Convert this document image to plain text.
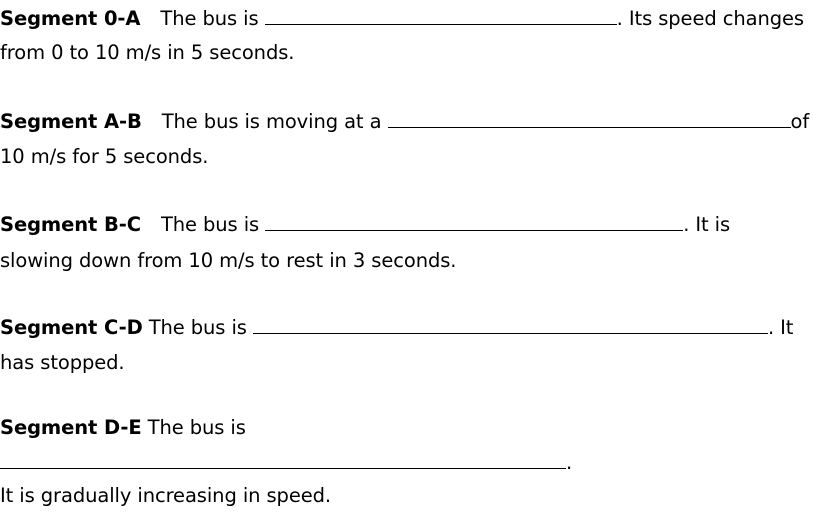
Segment 0-A The bus is	. Its speed changes
from 0 to 10 m/s in 5 seconds.
Segment A-B The bus is moving at a	of
10 m/s for 5 seconds.
Segment B-C The bus is	. It is
slowing down from 10 m/s to rest in 3 seconds.
Segment C-D The bus is	. It
has stopped.
Segment D-E The bus is
.
It is gradually increasing in speed.
